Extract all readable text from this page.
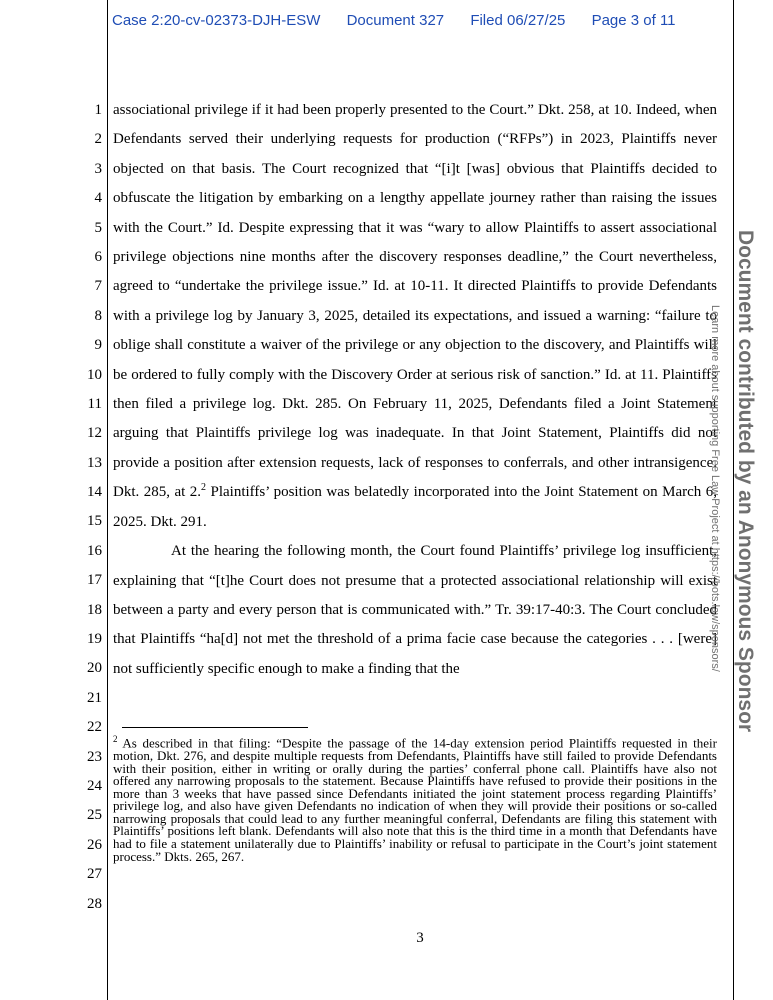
Case 2:20-cv-02373-DJH-ESW Document 327 Filed 06/27/25 Page 3 of 11
1
2
3
4
5
6
7
8
9
10
11
12
13
14
15
16
17
18
19
20
21
22
23
24
25
26
27
28

associational privilege if it had been properly presented to the Court.” Dkt. 258, at 10. Indeed, when Defendants served their underlying requests for production (“RFPs”) in 2023, Plaintiffs never objected on that basis. The Court recognized that “[i]t [was] obvious that Plaintiffs decided to obfuscate the litigation by embarking on a lengthy appellate journey rather than raising the issues with the Court.” Id. Despite expressing that it was “wary to allow Plaintiffs to assert associational privilege objections nine months after the discovery responses deadline,” the Court nevertheless, agreed to “undertake the privilege issue.” Id. at 10-11. It directed Plaintiffs to provide Defendants with a privilege log by January 3, 2025, detailed its expectations, and issued a warning: “failure to oblige shall constitute a waiver of the privilege or any objection to the discovery, and Plaintiffs will be ordered to fully comply with the Discovery Order at serious risk of sanction.” Id. at 11. Plaintiffs then filed a privilege log. Dkt. 285. On February 11, 2025, Defendants filed a Joint Statement arguing that Plaintiffs privilege log was inadequate. In that Joint Statement, Plaintiffs did not provide a position after extension requests, lack of responses to conferrals, and other intransigence. Dkt. 285, at 2.$^2$ Plaintiffs’ position was belatedly incorporated into the Joint Statement on March 6, 2025. Dkt. 291.

At the hearing the following month, the Court found Plaintiffs’ privilege log insufficient, explaining that “[t]he Court does not presume that a protected associational relationship will exist between a party and every person that is communicated with.” Tr. 39:17-40:3. The Court concluded that Plaintiffs “ha[d] not met the threshold of a prima facie case because the categories . . . [were] not sufficiently specific enough to make a finding that the

$^2$ As described in that filing: “Despite the passage of the 14-day extension period Plaintiffs requested in their motion, Dkt. 276, and despite multiple requests from Defendants, Plaintiffs have still failed to provide Defendants with their position, either in writing or orally during the parties’ conferral phone call. Plaintiffs have also not offered any narrowing proposals to the statement. Because Plaintiffs have refused to provide their positions in the more than 3 weeks that have passed since Defendants initiated the joint statement process regarding Plaintiffs’ privilege log, and also have given Defendants no indication of when they will provide their positions or so-called narrowing proposals that could lead to any further meaningful conferral, Defendants are filing this statement with Plaintiffs’ positions left blank. Defendants will also note that this is the third time in a month that Defendants have had to file a statement unilaterally due to Plaintiffs’ inability or refusal to participate in the Court’s joint statement process.” Dkts. 265, 267.
3
Document contributed by an Anonymous Sponsor
Learn more about supporting Free Law Project at https://bots.law/sponsors/
